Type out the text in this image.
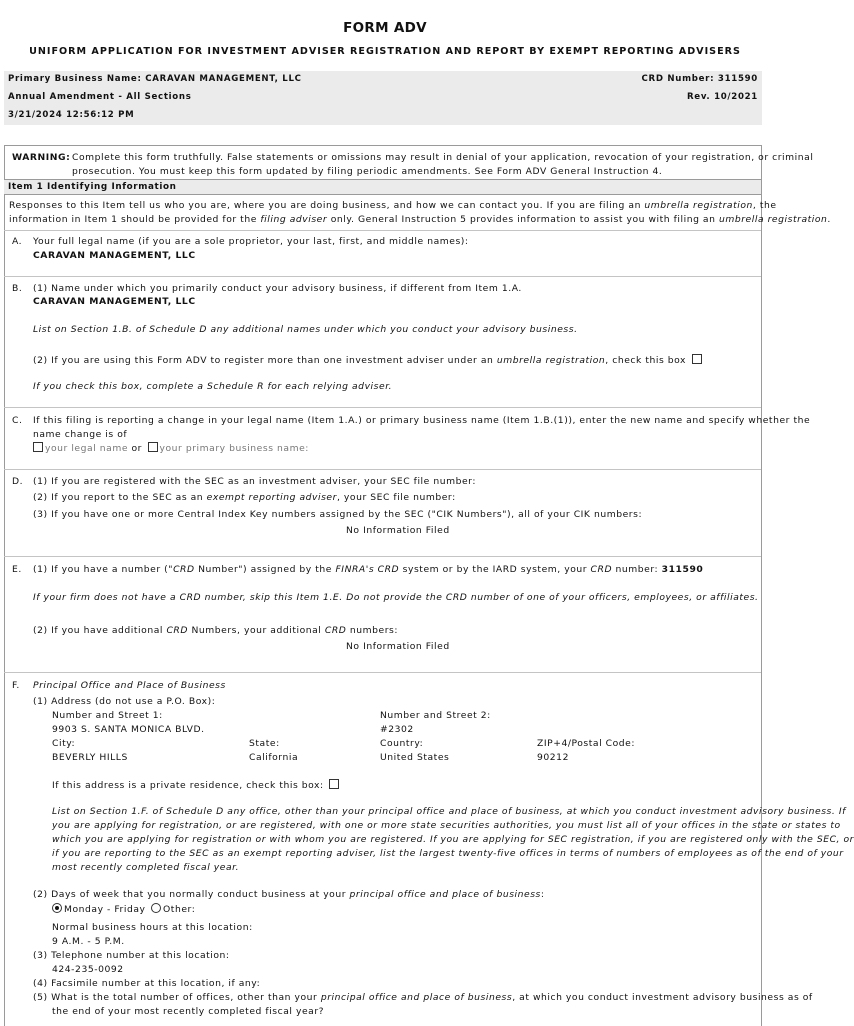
FORM ADV
UNIFORM APPLICATION FOR INVESTMENT ADVISER REGISTRATION AND REPORT BY EXEMPT REPORTING ADVISERS
Primary Business Name: CARAVAN MANAGEMENT, LLC	CRD Number: 311590
Annual Amendment - All Sections	Rev. 10/2021
3/21/2024 12:56:12 PM
WARNING: Complete this form truthfully. False statements or omissions may result in denial of your application, revocation of your registration, or criminal
prosecution. You must keep this form updated by filing periodic amendments. See Form ADV General Instruction 4.
Item 1 Identifying Information
Responses to this Item tell us who you are, where you are doing business, and how we can contact you. If you are filing an umbrella registration, the
information in Item 1 should be provided for the filing adviser only. General Instruction 5 provides information to assist you with filing an umbrella registration.
A. Your full legal name (if you are a sole proprietor, your last, first, and middle names):
CARAVAN MANAGEMENT, LLC
B. (1) Name under which you primarily conduct your advisory business, if different from Item 1.A.
CARAVAN MANAGEMENT, LLC
List on Section 1.B. of Schedule D any additional names under which you conduct your advisory business.
(2) If you are using this Form ADV to register more than one investment adviser under an umbrella registration, check this box
If you check this box, complete a Schedule R for each relying adviser.
C. If this filing is reporting a change in your legal name (Item 1.A.) or primary business name (Item 1.B.(1)), enter the new name and specify whether the
name change is of
your legal name or your primary business name:
D. (1) If you are registered with the SEC as an investment adviser, your SEC file number:
(2) If you report to the SEC as an exempt reporting adviser, your SEC file number:
(3) If you have one or more Central Index Key numbers assigned by the SEC ("CIK Numbers"), all of your CIK numbers:
No Information Filed
E. (1) If you have a number ("CRD Number") assigned by the FINRA's CRD system or by the IARD system, your CRD number: 311590
If your firm does not have a CRD number, skip this Item 1.E. Do not provide the CRD number of one of your officers, employees, or affiliates.
(2) If you have additional CRD Numbers, your additional CRD numbers:
No Information Filed
F. Principal Office and Place of Business
(1) Address (do not use a P.O. Box):
Number and Street 1:
9903 S. SANTA MONICA BLVD.
Number and Street 2:
#2302
City:
BEVERLY HILLS
State:
California
Country:
United States
ZIP+4/Postal Code:
90212
If this address is a private residence, check this box:
List on Section 1.F. of Schedule D any office, other than your principal office and place of business, at which you conduct investment advisory business. If
you are applying for registration, or are registered, with one or more state securities authorities, you must list all of your offices in the state or states to
which you are applying for registration or with whom you are registered. If you are applying for SEC registration, if you are registered only with the SEC, or
if you are reporting to the SEC as an exempt reporting adviser, list the largest twenty-five offices in terms of numbers of employees as of the end of your
most recently completed fiscal year.
(2) Days of week that you normally conduct business at your principal office and place of business:
Monday - Friday Other:
Normal business hours at this location:
9 A.M. - 5 P.M.
(3) Telephone number at this location:
424-235-0092
(4) Facsimile number at this location, if any:
(5) What is the total number of offices, other than your principal office and place of business, at which you conduct investment advisory business as of
the end of your most recently completed fiscal year?
